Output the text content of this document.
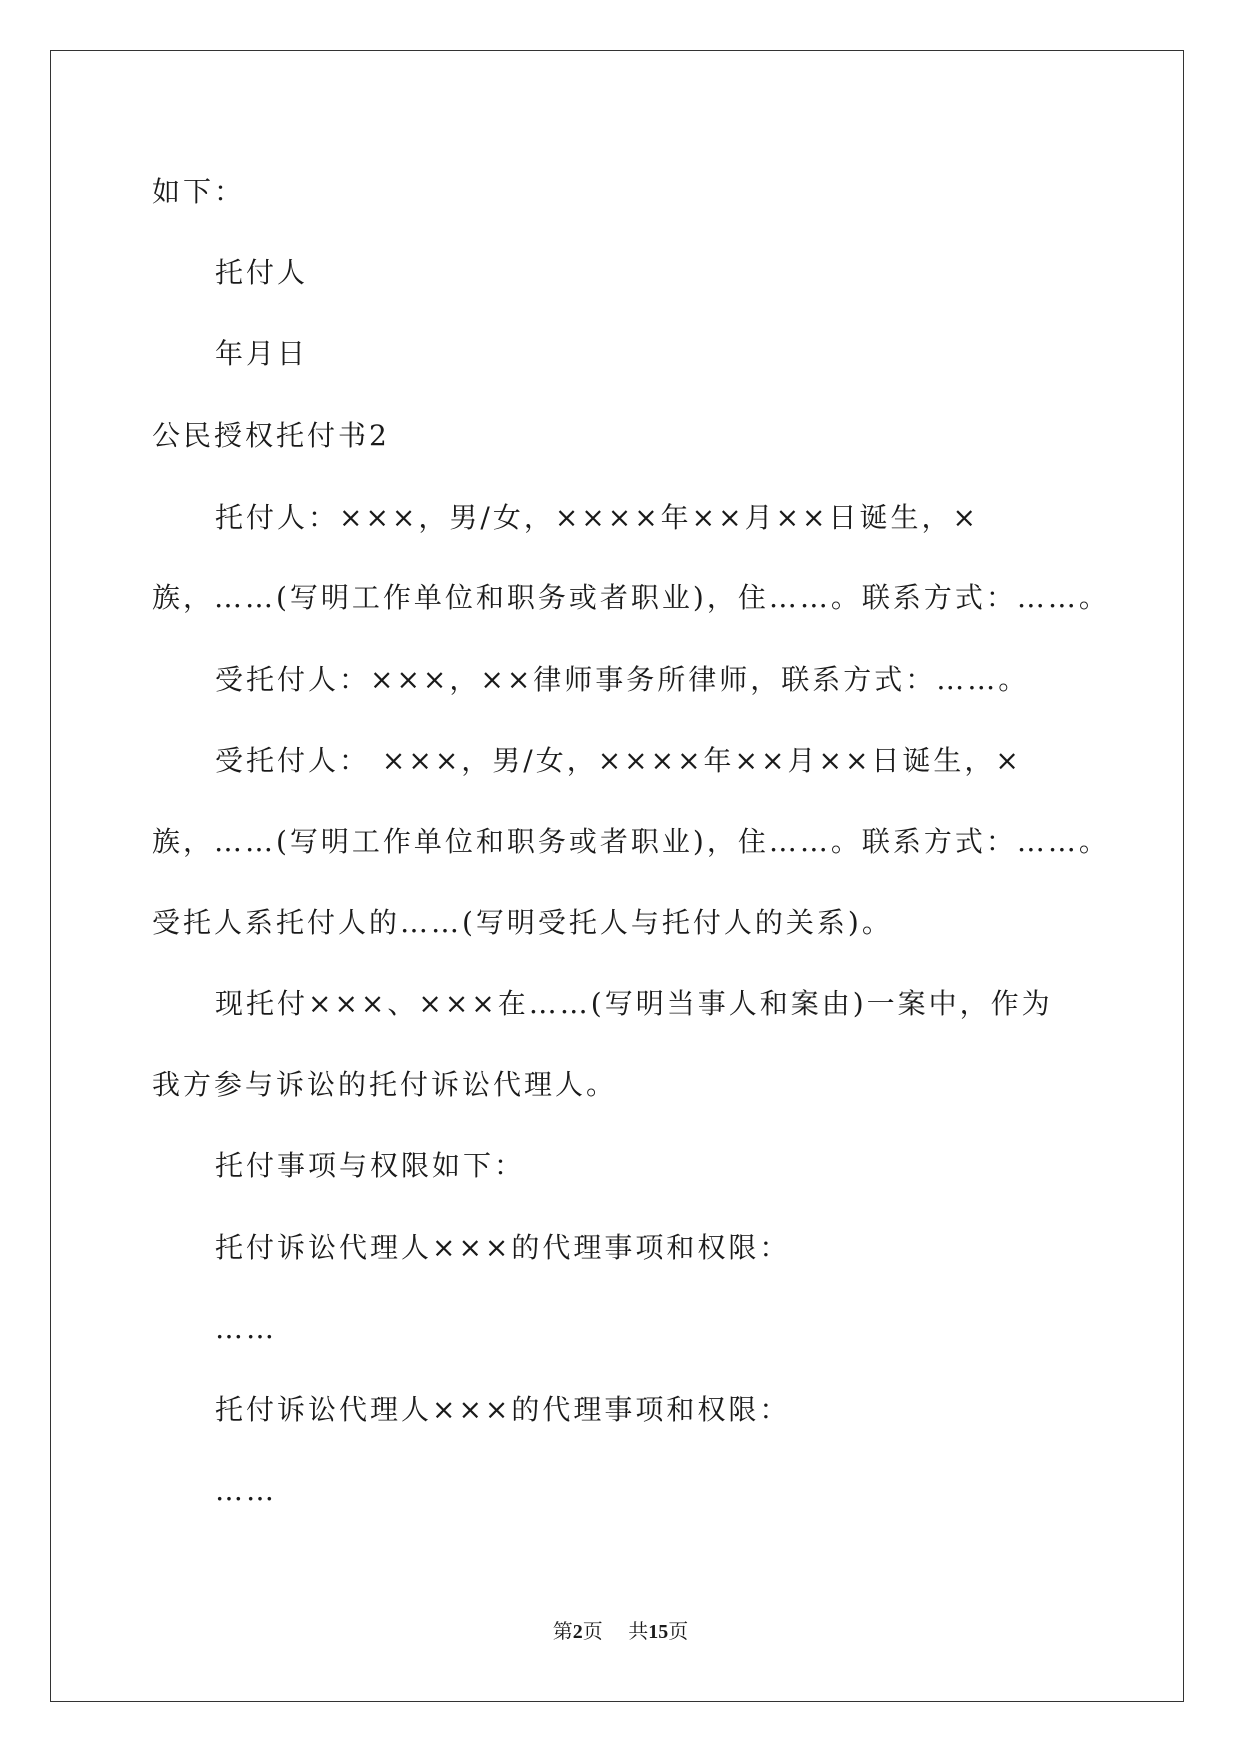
如下：
托付人
年月日
公民授权托付书2
托付人：×××，男/女，××××年××月××日诞生，×
族，……(写明工作单位和职务或者职业)，住……。联系方式：……。
受托付人：×××，××律师事务所律师，联系方式：……。
受托付人： ×××，男/女，××××年××月××日诞生，×
族，……(写明工作单位和职务或者职业)，住……。联系方式：……。
受托人系托付人的……(写明受托人与托付人的关系)。
现托付×××、×××在……(写明当事人和案由)一案中，作为
我方参与诉讼的托付诉讼代理人。
托付事项与权限如下：
托付诉讼代理人×××的代理事项和权限：
……
托付诉讼代理人×××的代理事项和权限：
……
第2页 共15页
